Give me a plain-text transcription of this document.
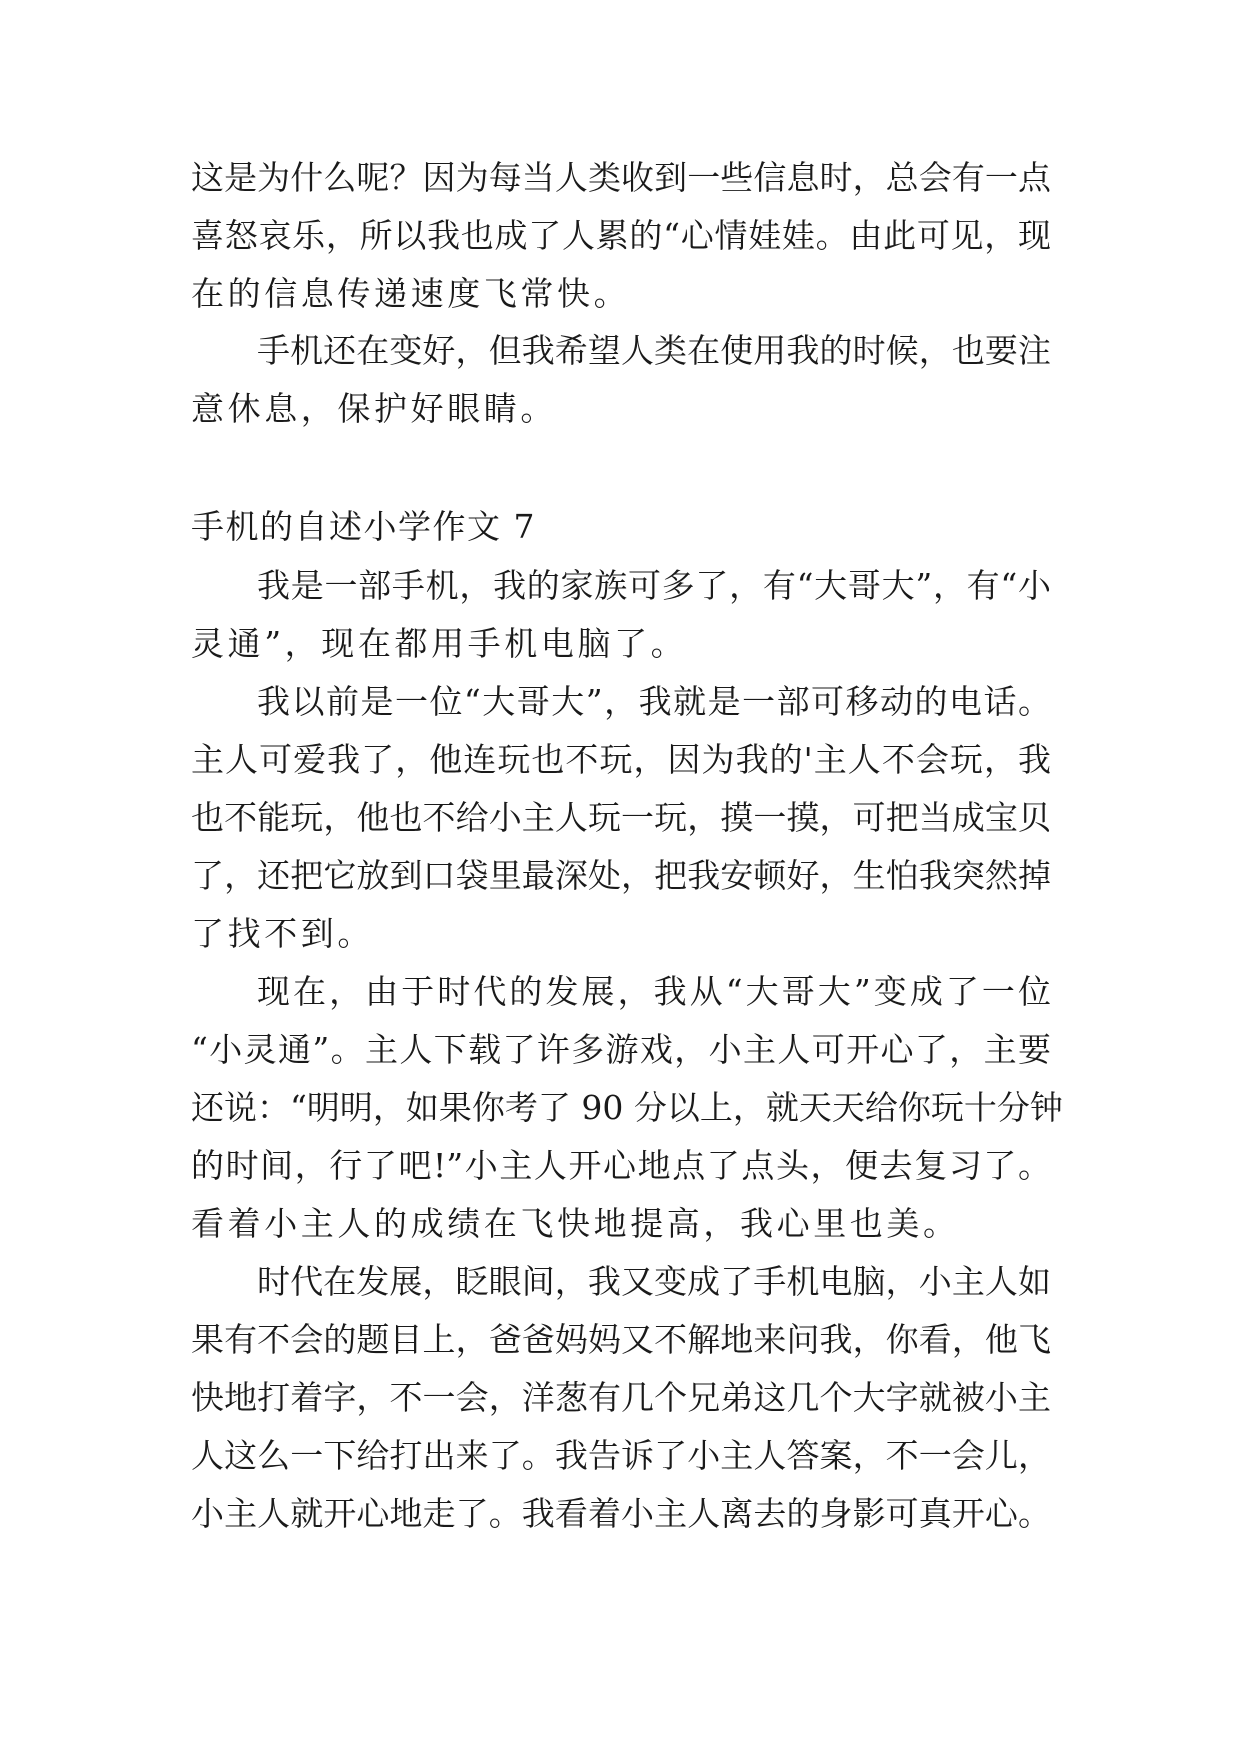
这是为什么呢？因为每当人类收到一些信息时，总会有一点
喜怒哀乐，所以我也成了人累的“心情娃娃。由此可见，现
在的信息传递速度飞常快。
手机还在变好，但我希望人类在使用我的时候，也要注
意休息，保护好眼睛。
手机的自述小学作文 7
我是一部手机，我的家族可多了，有“大哥大”，有“小
灵通”，现在都用手机电脑了。
我以前是一位“大哥大”，我就是一部可移动的电话。
主人可爱我了，他连玩也不玩，因为我的'主人不会玩，我
也不能玩，他也不给小主人玩一玩，摸一摸，可把当成宝贝
了，还把它放到口袋里最深处，把我安顿好，生怕我突然掉
了找不到。
现在，由于时代的发展，我从“大哥大”变成了一位
“小灵通”。主人下载了许多游戏，小主人可开心了，主要
还说：“明明，如果你考了 90 分以上，就天天给你玩十分钟
的时间，行了吧!”小主人开心地点了点头，便去复习了。
看着小主人的成绩在飞快地提高，我心里也美。
时代在发展，眨眼间，我又变成了手机电脑，小主人如
果有不会的题目上，爸爸妈妈又不解地来问我，你看，他飞
快地打着字，不一会，洋葱有几个兄弟这几个大字就被小主
人这么一下给打出来了。我告诉了小主人答案，不一会儿，
小主人就开心地走了。我看着小主人离去的身影可真开心。
